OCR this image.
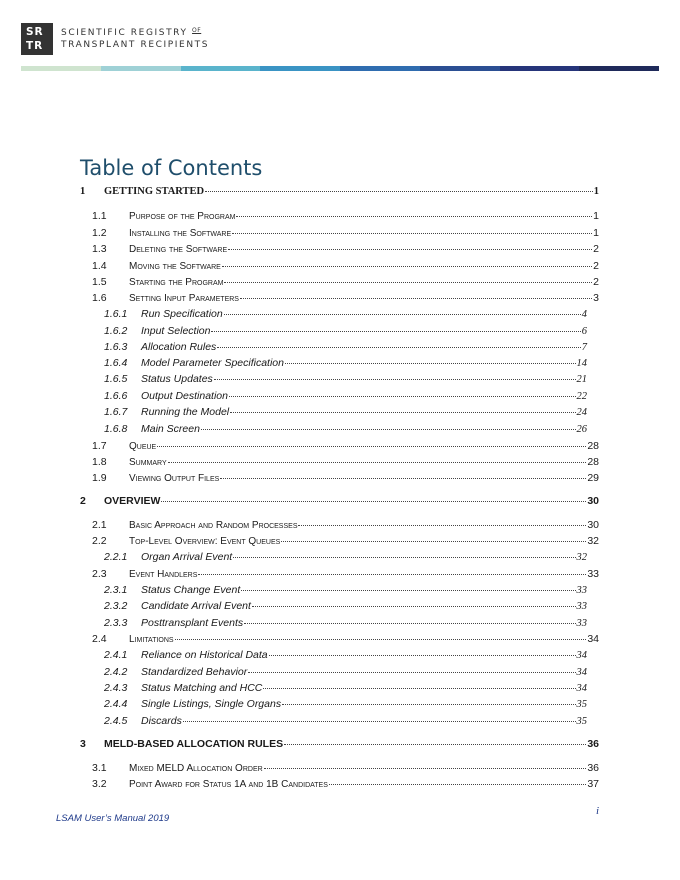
SR
TR
SCIENTIFIC REGISTRY $^{OF}$
TRANSPLANT RECIPIENTS
Table of Contents
1	GETTING STARTED	1
1.1	Purpose of the Program	1
1.2	Installing the Software	1
1.3	Deleting the Software	2
1.4	Moving the Software	2
1.5	Starting the Program	2
1.6	Setting Input Parameters	3
1.6.1	Run Specification	4
1.6.2	Input Selection	6
1.6.3	Allocation Rules	7
1.6.4	Model Parameter Specification	14
1.6.5	Status Updates	21
1.6.6	Output Destination	22
1.6.7	Running the Model	24
1.6.8	Main Screen	26
1.7	Queue	28
1.8	Summary	28
1.9	Viewing Output Files	29
2	OVERVIEW	30
2.1	Basic Approach and Random Processes	30
2.2	Top-Level Overview: Event Queues	32
2.2.1	Organ Arrival Event	32
2.3	Event Handlers	33
2.3.1	Status Change Event	33
2.3.2	Candidate Arrival Event	33
2.3.3	Posttransplant Events	33
2.4	Limitations	34
2.4.1	Reliance on Historical Data	34
2.4.2	Standardized Behavior	34
2.4.3	Status Matching and HCC	34
2.4.4	Single Listings, Single Organs	35
2.4.5	Discards	35
3	MELD-BASED ALLOCATION RULES	36
3.1	Mixed MELD Allocation Order	36
3.2	Point Award for Status 1A and 1B Candidates	37
LSAM User’s Manual 2019
i
